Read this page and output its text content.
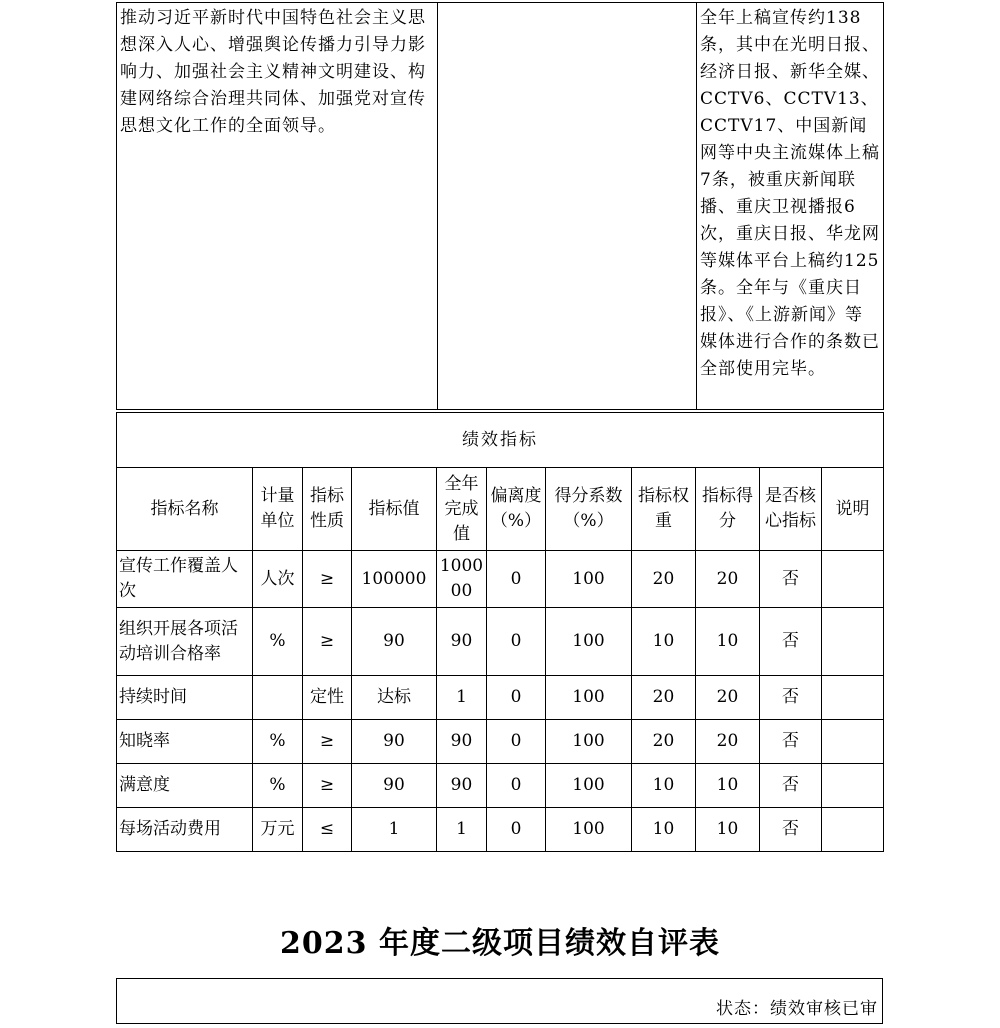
推动习近平新时代中国特色社会主义思想深入人心、增强舆论传播力引导力影响力、加强社会主义精神文明建设、构建网络综合治理共同体、加强党对宣传思想文化工作的全面领导。		全年上稿宣传约138条，其中在光明日报、经济日报、新华全媒、CCTV6、CCTV13、CCTV17、中国新闻网等中央主流媒体上稿7条，被重庆新闻联播、重庆卫视播报6次，重庆日报、华龙网等媒体平台上稿约125条。全年与《重庆日报》、《上游新闻》等媒体进行合作的条数已全部使用完毕。
绩效指标										
指标名称	计量单位	指标性质	指标值	全年完成值	偏离度（%）	得分系数（%）	指标权重	指标得分	是否核心指标	说明
宣传工作覆盖人次	人次	≥	100000	100000	0	100	20	20	否	
组织开展各项活动培训合格率	%	≥	90	90	0	100	10	10	否	
持续时间		定性	达标	1	0	100	20	20	否	
知晓率	%	≥	90	90	0	100	20	20	否	
满意度	%	≥	90	90	0	100	10	10	否	
每场活动费用	万元	≤	1	1	0	100	10	10	否	
2023 年度二级项目绩效自评表
状态：绩效审核已审
